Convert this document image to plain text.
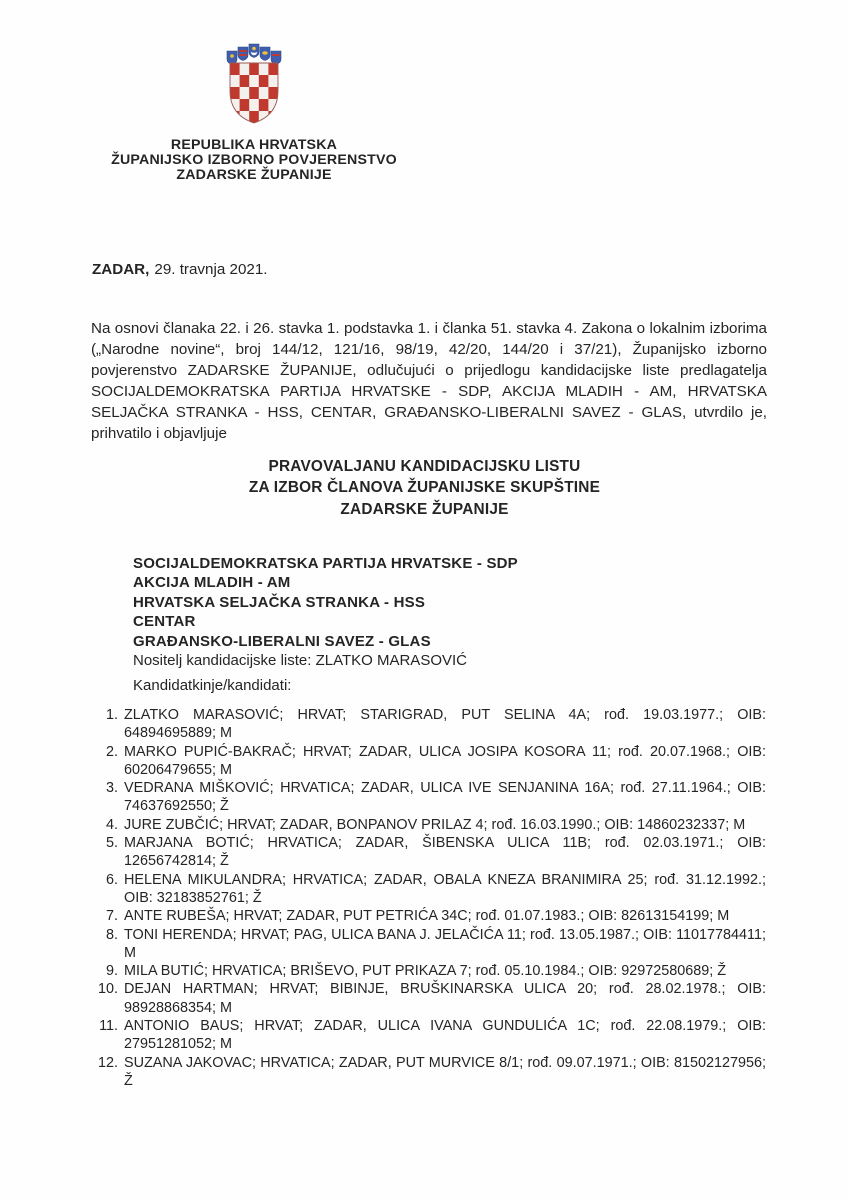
REPUBLIKA HRVATSKA
ŽUPANIJSKO IZBORNO POVJERENSTVO
ZADARSKE ŽUPANIJE
ZADAR, 29. travnja 2021.
Na osnovi članaka 22. i 26. stavka 1. podstavka 1. i članka 51. stavka 4. Zakona o lokalnim izborima („Narodne novine“, broj 144/12, 121/16, 98/19, 42/20, 144/20 i 37/21), Županijsko izborno povjerenstvo ZADARSKE ŽUPANIJE, odlučujući o prijedlogu kandidacijske liste predlagatelja SOCIJALDEMOKRATSKA PARTIJA HRVATSKE - SDP, AKCIJA MLADIH - AM, HRVATSKA SELJAČKA STRANKA - HSS, CENTAR, GRAĐANSKO-LIBERALNI SAVEZ - GLAS, utvrdilo je, prihvatilo i objavljuje
PRAVOVALJANU KANDIDACIJSKU LISTU
ZA IZBOR ČLANOVA ŽUPANIJSKE SKUPŠTINE
ZADARSKE ŽUPANIJE
SOCIJALDEMOKRATSKA PARTIJA HRVATSKE - SDP
AKCIJA MLADIH - AM
HRVATSKA SELJAČKA STRANKA - HSS
CENTAR
GRAĐANSKO-LIBERALNI SAVEZ - GLAS
Nositelj kandidacijske liste: ZLATKO MARASOVIĆ
Kandidatkinje/kandidati:
1. ZLATKO MARASOVIĆ; HRVAT; STARIGRAD, PUT SELINA 4A; rođ. 19.03.1977.; OIB: 64894695889; M
2. MARKO PUPIĆ-BAKRAČ; HRVAT; ZADAR, ULICA JOSIPA KOSORA 11; rođ. 20.07.1968.; OIB: 60206479655; M
3. VEDRANA MIŠKOVIĆ; HRVATICA; ZADAR, ULICA IVE SENJANINA 16A; rođ. 27.11.1964.; OIB: 74637692550; Ž
4. JURE ZUBČIĆ; HRVAT; ZADAR, BONPANOV PRILAZ 4; rođ. 16.03.1990.; OIB: 14860232337; M
5. MARJANA BOTIĆ; HRVATICA; ZADAR, ŠIBENSKA ULICA 11B; rođ. 02.03.1971.; OIB: 12656742814; Ž
6. HELENA MIKULANDRA; HRVATICA; ZADAR, OBALA KNEZA BRANIMIRA 25; rođ. 31.12.1992.; OIB: 32183852761; Ž
7. ANTE RUBEŠA; HRVAT; ZADAR, PUT PETRIĆA 34C; rođ. 01.07.1983.; OIB: 82613154199; M
8. TONI HERENDA; HRVAT; PAG, ULICA BANA J. JELAČIĆA 11; rođ. 13.05.1987.; OIB: 11017784411; M
9. MILA BUTIĆ; HRVATICA; BRIŠEVO, PUT PRIKAZA 7; rođ. 05.10.1984.; OIB: 92972580689; Ž
10. DEJAN HARTMAN; HRVAT; BIBINJE, BRUŠKINARSKA ULICA 20; rođ. 28.02.1978.; OIB: 98928868354; M
11. ANTONIO BAUS; HRVAT; ZADAR, ULICA IVANA GUNDULIĆA 1C; rođ. 22.08.1979.; OIB: 27951281052; M
12. SUZANA JAKOVAC; HRVATICA; ZADAR, PUT MURVICE 8/1; rođ. 09.07.1971.; OIB: 81502127956; Ž
